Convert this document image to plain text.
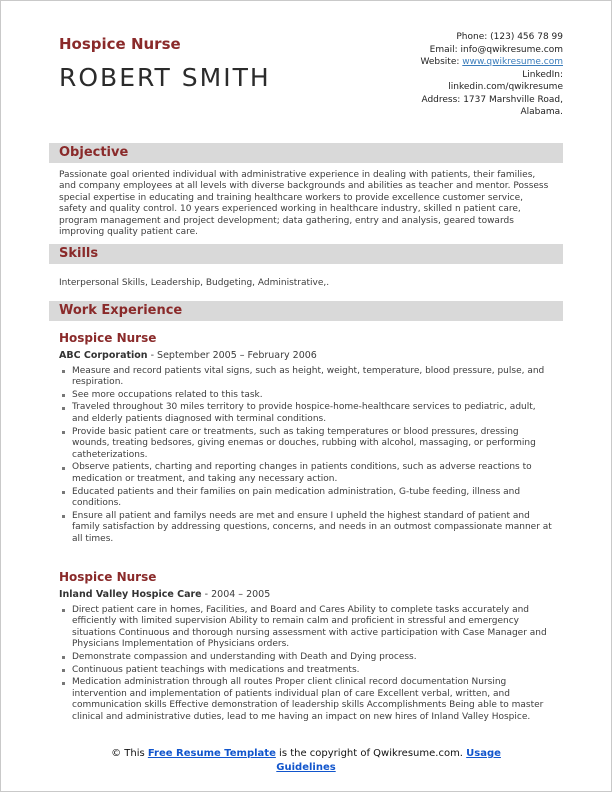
Hospice Nurse
ROBERT SMITH
Phone: (123) 456 78 99
Email: info@qwikresume.com
Website: www.qwikresume.com
LinkedIn:
linkedin.com/qwikresume
Address: 1737 Marshville Road,
Alabama.
Objective

Passionate goal oriented individual with administrative experience in dealing with patients, their families, and company employees at all levels with diverse backgrounds and abilities as teacher and mentor. Possess special expertise in educating and training healthcare workers to provide excellence customer service, safety and quality control. 10 years experienced working in healthcare industry, skilled n patient care, program management and project development; data gathering, entry and analysis, geared towards improving quality patient care.

Skills

Interpersonal Skills, Leadership, Budgeting, Administrative,.

Work Experience
Hospice Nurse
ABC Corporation - September 2005 – February 2006
Measure and record patients vital signs, such as height, weight, temperature, blood pressure, pulse, and respiration.
See more occupations related to this task.
Traveled throughout 30 miles territory to provide hospice-home-healthcare services to pediatric, adult, and elderly patients diagnosed with terminal conditions.
Provide basic patient care or treatments, such as taking temperatures or blood pressures, dressing wounds, treating bedsores, giving enemas or douches, rubbing with alcohol, massaging, or performing catheterizations.
Observe patients, charting and reporting changes in patients conditions, such as adverse reactions to medication or treatment, and taking any necessary action.
Educated patients and their families on pain medication administration, G-tube feeding, illness and conditions.
Ensure all patient and familys needs are met and ensure I upheld the highest standard of patient and family satisfaction by addressing questions, concerns, and needs in an outmost compassionate manner at all times.
Hospice Nurse
Inland Valley Hospice Care - 2004 – 2005
Direct patient care in homes, Facilities, and Board and Cares Ability to complete tasks accurately and efficiently with limited supervision Ability to remain calm and proficient in stressful and emergency situations Continuous and thorough nursing assessment with active participation with Case Manager and Physicians Implementation of Physicians orders.
Demonstrate compassion and understanding with Death and Dying process.
Continuous patient teachings with medications and treatments.
Medication administration through all routes Proper client clinical record documentation Nursing intervention and implementation of patients individual plan of care Excellent verbal, written, and communication skills Effective demonstration of leadership skills Accomplishments Being able to master clinical and administrative duties, lead to me having an impact on new hires of Inland Valley Hospice.
© This Free Resume Template is the copyright of Qwikresume.com. Usage Guidelines
